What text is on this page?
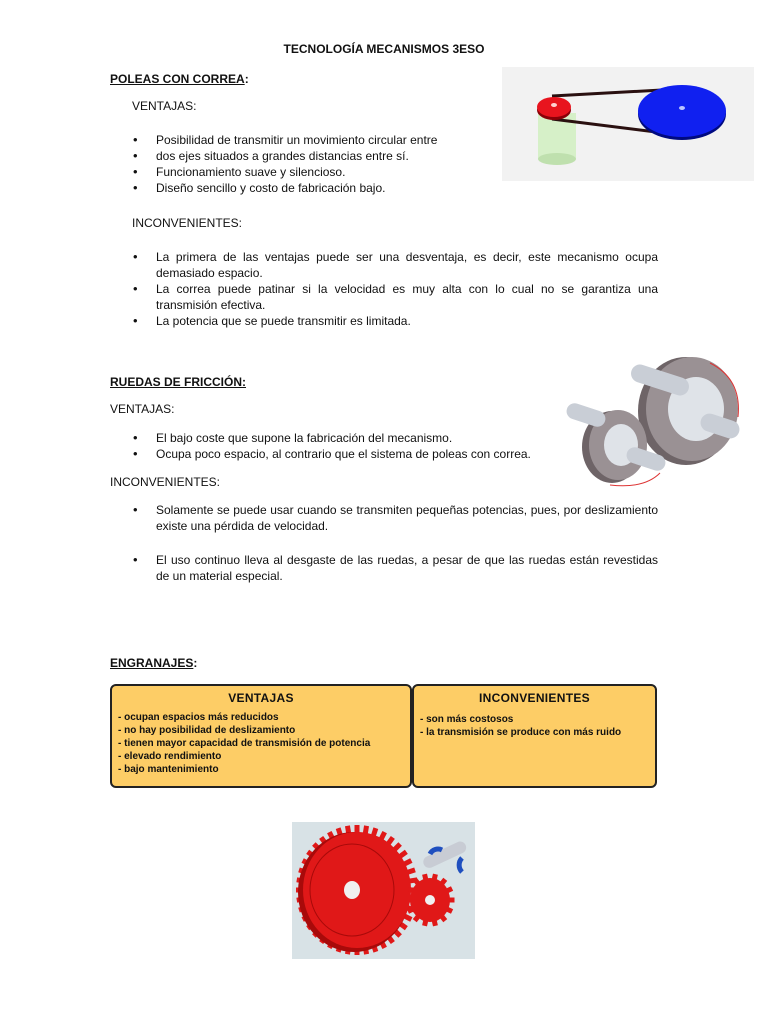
TECNOLOGÍA MECANISMOS 3ESO
POLEAS CON CORREA:
VENTAJAS:
• Posibilidad de transmitir un movimiento circular entre
• dos ejes situados a grandes distancias entre sí.
• Funcionamiento suave y silencioso.
• Diseño sencillo y costo de fabricación bajo.
INCONVENIENTES:
• La primera de las ventajas puede ser una desventaja, es decir, este mecanismo ocupa demasiado espacio.
• La correa puede patinar si la velocidad es muy alta con lo cual no se garantiza una transmisión efectiva.
• La potencia que se puede transmitir es limitada.
RUEDAS DE FRICCIÓN:
VENTAJAS:
• El bajo coste que supone la fabricación del mecanismo.
• Ocupa poco espacio, al contrario que el sistema de poleas con correa.
INCONVENIENTES:
• Solamente se puede usar cuando se transmiten pequeñas potencias, pues, por deslizamiento existe una pérdida de velocidad.
• El uso continuo lleva al desgaste de las ruedas, a pesar de que las ruedas están revestidas de un material especial.
ENGRANAJES:
VENTAJAS
- ocupan espacios más reducidos
- no hay posibilidad de deslizamiento
- tienen mayor capacidad de transmisión de potencia
- elevado rendimiento
- bajo mantenimiento
INCONVENIENTES
- son más costosos
- la transmisión se produce con más ruido
